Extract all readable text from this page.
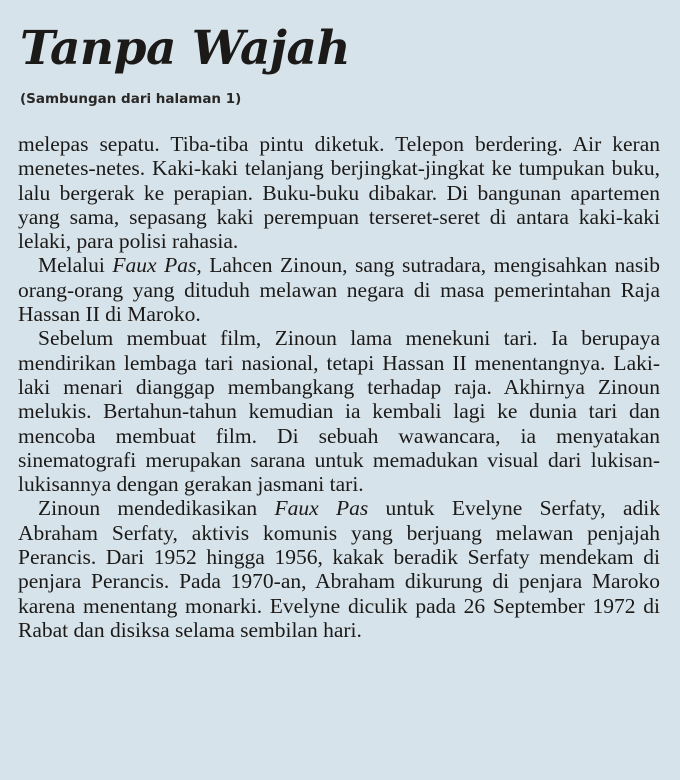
Tanpa Wajah
(Sambungan dari halaman 1)

melepas sepatu. Tiba-tiba pintu diketuk. Telepon berdering. Air keran menetes-netes. Kaki-kaki telanjang berjingkat-jingkat ke tumpukan buku, lalu bergerak ke perapian. Buku-buku dibakar. Di bangunan apartemen yang sama, sepasang kaki perempuan terseret-seret di antara kaki-kaki lelaki, para polisi rahasia.

Melalui Faux Pas, Lahcen Zinoun, sang sutradara, mengisahkan nasib orang-orang yang dituduh melawan negara di masa pemerintahan Raja Hassan II di Maroko.

Sebelum membuat film, Zinoun lama menekuni tari. Ia berupaya mendirikan lembaga tari nasional, tetapi Hassan II menentangnya. Laki-laki menari dianggap membangkang terhadap raja. Akhirnya Zinoun melukis. Bertahun-tahun kemudian ia kembali lagi ke dunia tari dan mencoba membuat film. Di sebuah wawancara, ia menyatakan sinematografi merupakan sarana untuk memadukan visual dari lukisan-lukisannya dengan gerakan jasmani tari.

Zinoun mendedikasikan Faux Pas untuk Evelyne Serfaty, adik Abraham Serfaty, aktivis komunis yang berjuang melawan penjajah Perancis. Dari 1952 hingga 1956, kakak beradik Serfaty mendekam di penjara Perancis. Pada 1970-an, Abraham dikurung di penjara Maroko karena menentang monarki. Evelyne diculik pada 26 September 1972 di Rabat dan disiksa selama sembilan hari.
